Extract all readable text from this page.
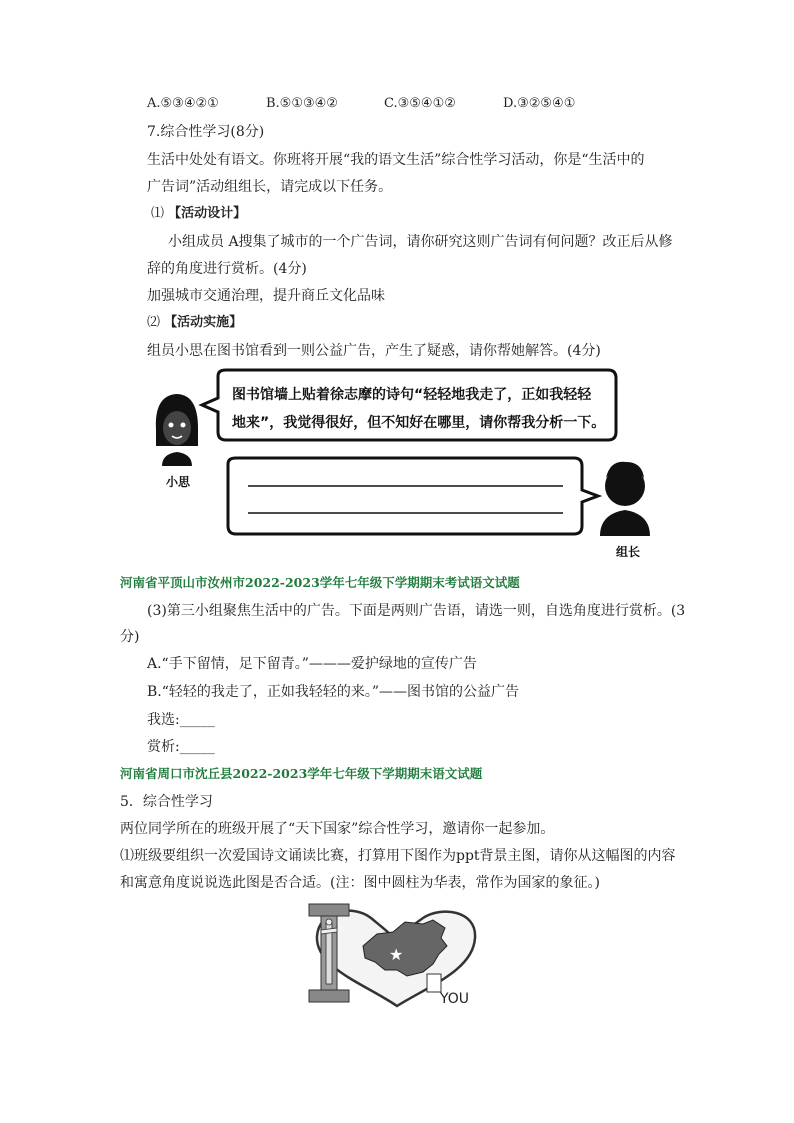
A.⑤③④②①	B.⑤①③④②	C.③⑤④①②	D.③②⑤④①
7.综合性学习(8分)
生活中处处有语文。你班将开展“我的语文生活”综合性学习活动，你是“生活中的
广告词”活动组组长，请完成以下任务。
⑴ 【活动设计】
小组成员 A搜集了城市的一个广告词，请你研究这则广告词有何问题？改正后从修
辞的角度进行赏析。(4分)
加强城市交通治理，提升商丘文化品味
⑵ 【活动实施】
组员小思在图书馆看到一则公益广告，产生了疑惑，请你帮她解答。(4分)
图书馆墙上贴着徐志摩的诗句“轻轻地我走了，正如我轻轻
地来”，我觉得很好，但不知好在哪里，请你帮我分析一下。
小思
组长
河南省平顶山市汝州市2022-2023学年七年级下学期期末考试语文试题
(3)第三小组聚焦生活中的广告。下面是两则广告语，请选一则，自选角度进行赏析。(3
分)
A.“手下留情，足下留青。”———爱护绿地的宣传广告
B.“轻轻的我走了，正如我轻轻的来。”——图书馆的公益广告
我选:_____
赏析:_____
河南省周口市沈丘县2022-2023学年七年级下学期期末语文试题
5．综合性学习
两位同学所在的班级开展了“天下国家”综合性学习，邀请你一起参加。
⑴班级要组织一次爱国诗文诵读比赛，打算用下图作为ppt背景主图，请你从这幅图的内容
和寓意角度说说选此图是否合适。(注：图中圆柱为华表，常作为国家的象征。)
★
YOU
